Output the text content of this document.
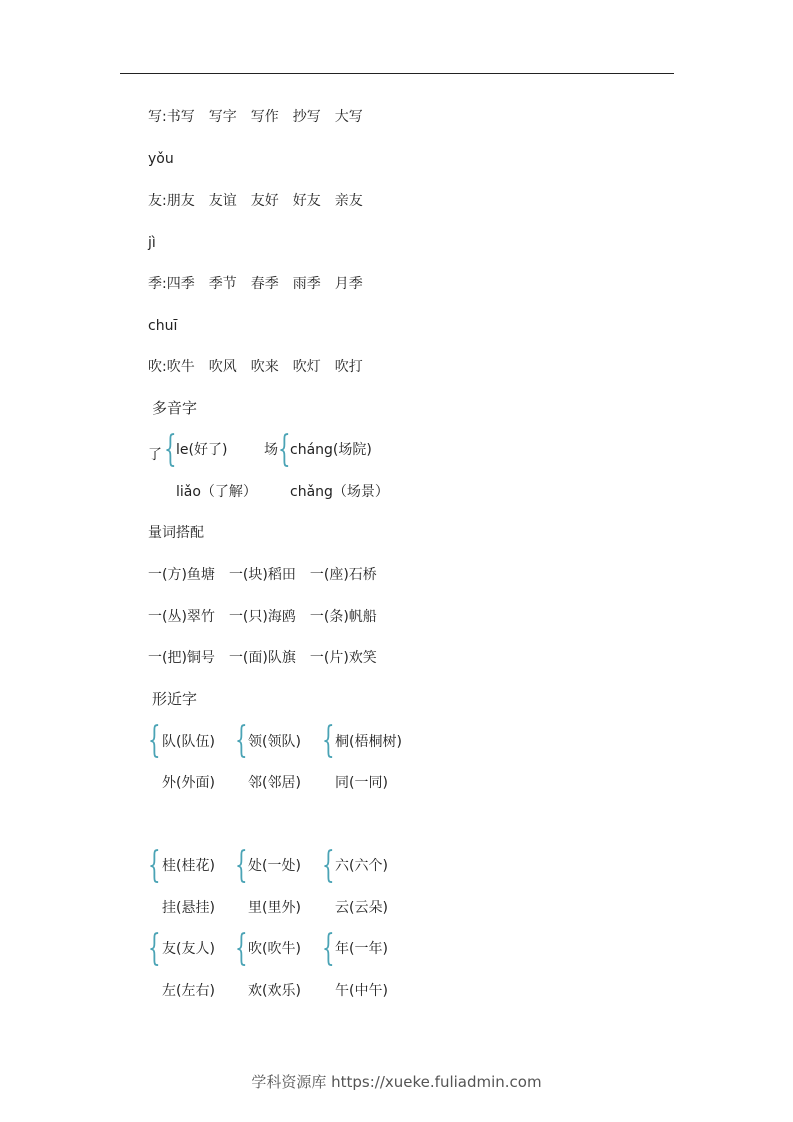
写:书写 写字 写作 抄写 大写
yǒu
友:朋友 友谊 友好 好友 亲友
jì
季:四季 季节 春季 雨季 月季
chuī
吹:吹牛 吹风 吹来 吹灯 吹打
多音字
了 { le(好了)
liǎo（了解）
场 { cháng(场院)
chǎng（场景）
量词搭配
一(方)鱼塘 一(块)稻田 一(座)石桥
一(丛)翠竹 一(只)海鸥 一(条)帆船
一(把)铜号 一(面)队旗 一(片)欢笑
形近字
{ 队(队伍)
外(外面)
{ 领(领队)
邻(邻居)
{ 桐(梧桐树)
同(一同)
{ 桂(桂花)
挂(悬挂)
{ 处(一处)
里(里外)
{ 六(六个)
云(云朵)
{ 友(友人)
左(左右)
{ 吹(吹牛)
欢(欢乐)
{ 年(一年)
午(中午)
学科资源库 https://xueke.fuliadmin.com
